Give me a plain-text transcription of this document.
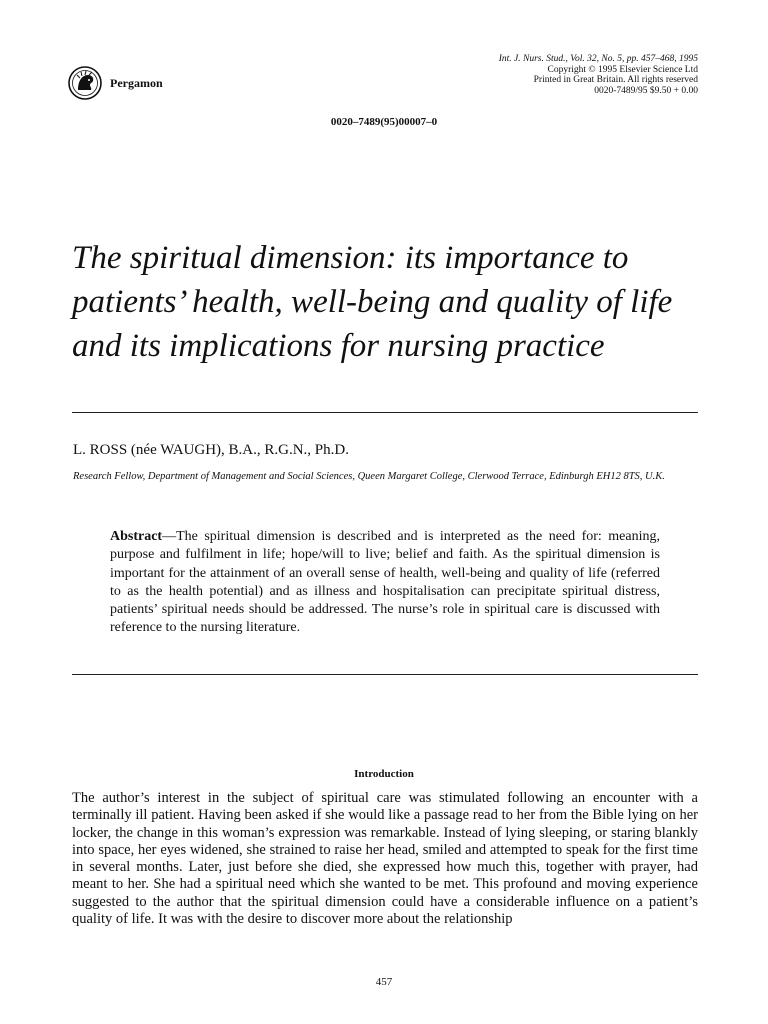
Pergamon
Int. J. Nurs. Stud., Vol. 32, No. 5, pp. 457–468, 1995
Copyright © 1995 Elsevier Science Ltd
Printed in Great Britain. All rights reserved
0020-7489/95 $9.50 + 0.00
0020–7489(95)00007–0
The spiritual dimension: its importance to patients’ health, well-being and quality of life and its implications for nursing practice
L. ROSS (née WAUGH), B.A., R.G.N., Ph.D.
Research Fellow, Department of Management and Social Sciences, Queen Margaret College, Clerwood Terrace, Edinburgh EH12 8TS, U.K.

Abstract—The spiritual dimension is described and is interpreted as the need for: meaning, purpose and fulfilment in life; hope/will to live; belief and faith. As the spiritual dimension is important for the attainment of an overall sense of health, well-being and quality of life (referred to as the health potential) and as illness and hospitalisation can precipitate spiritual distress, patients’ spiritual needs should be addressed. The nurse’s role in spiritual care is discussed with reference to the nursing literature.

Introduction

The author’s interest in the subject of spiritual care was stimulated following an encounter with a terminally ill patient. Having been asked if she would like a passage read to her from the Bible lying on her locker, the change in this woman’s expression was remarkable. Instead of lying sleeping, or staring blankly into space, her eyes widened, she strained to raise her head, smiled and attempted to speak for the first time in several months. Later, just before she died, she expressed how much this, together with prayer, had meant to her. She had a spiritual need which she wanted to be met. This profound and moving experience suggested to the author that the spiritual dimension could have a considerable influence on a patient’s quality of life. It was with the desire to discover more about the relationship

457
